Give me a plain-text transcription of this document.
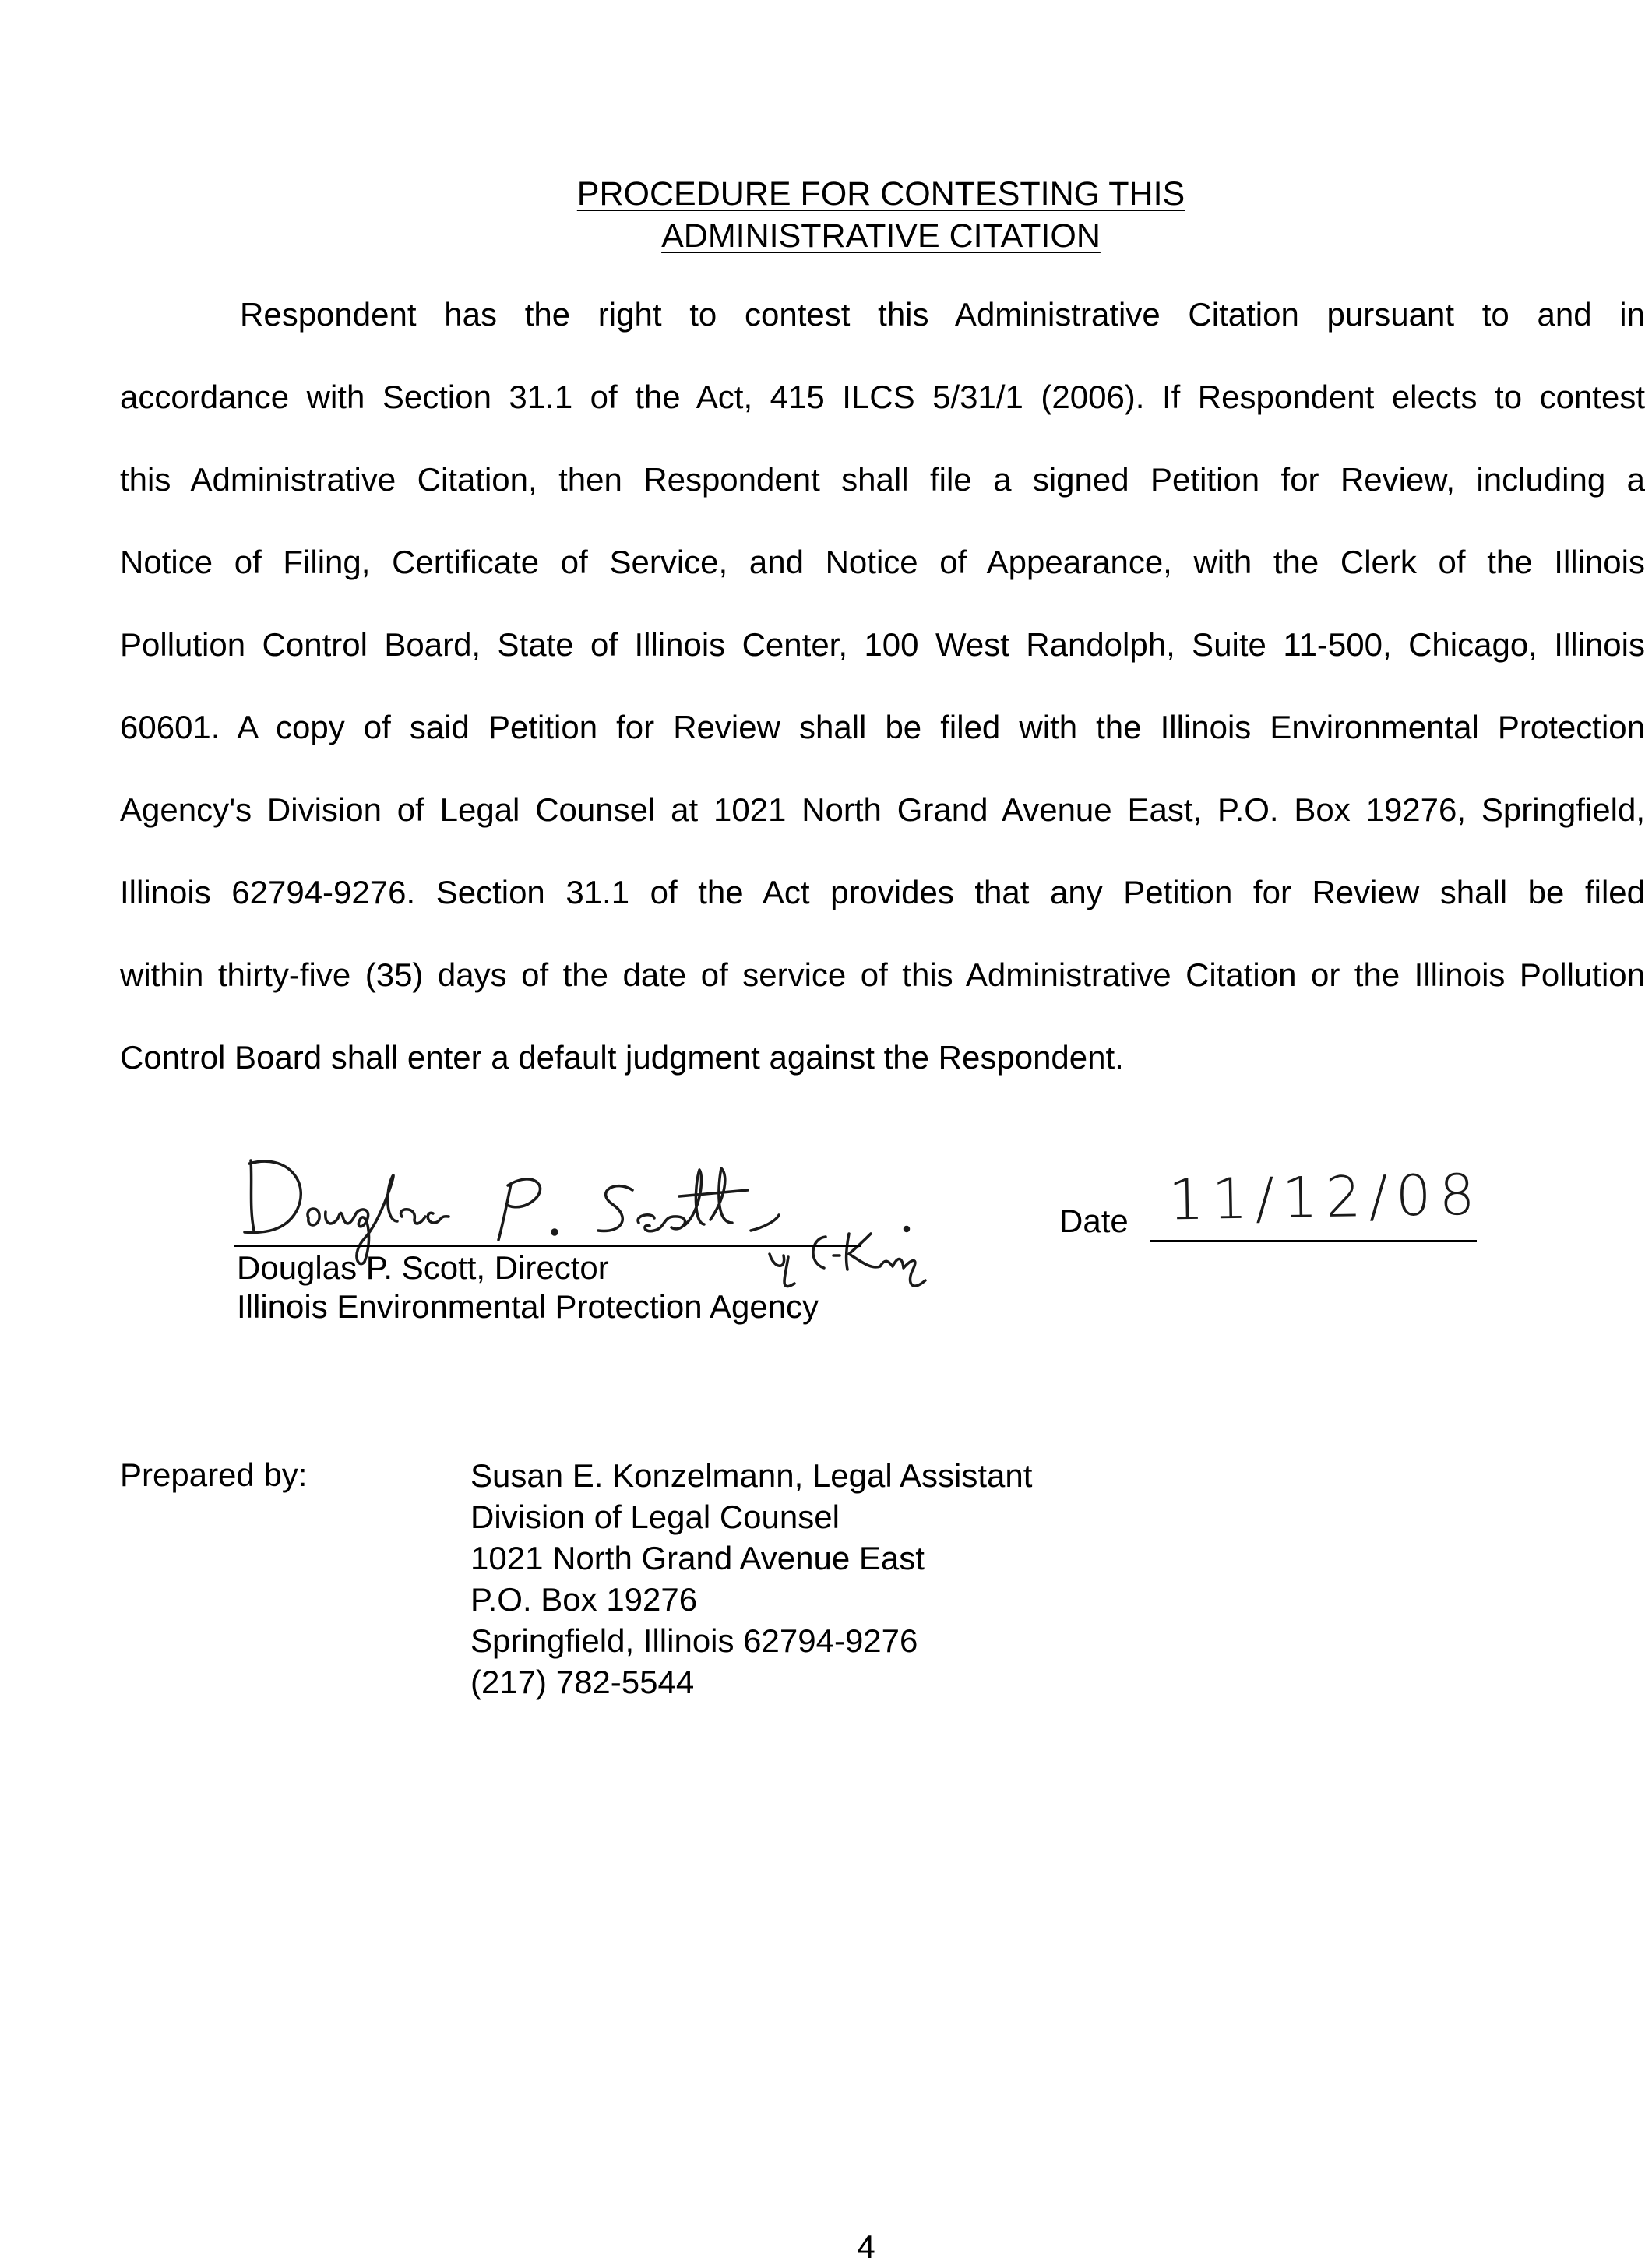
PROCEDURE FOR CONTESTING THIS
ADMINISTRATIVE CITATION
Respondent has the right to contest this Administrative Citation pursuant to and in
accordance with Section 31.1 of the Act, 415 ILCS 5/31/1 (2006). If Respondent elects to contest
this Administrative Citation, then Respondent shall file a signed Petition for Review, including a
Notice of Filing, Certificate of Service, and Notice of Appearance, with the Clerk of the Illinois
Pollution Control Board, State of Illinois Center, 100 West Randolph, Suite 11-500, Chicago, Illinois
60601. A copy of said Petition for Review shall be filed with the Illinois Environmental Protection
Agency's Division of Legal Counsel at 1021 North Grand Avenue East, P.O. Box 19276, Springfield,
Illinois 62794-9276. Section 31.1 of the Act provides that any Petition for Review shall be filed
within thirty-five (35) days of the date of service of this Administrative Citation or the Illinois Pollution
Control Board shall enter a default judgment against the Respondent.
Douglas P. Scott, Director
Illinois Environmental Protection Agency
Date 11/12/08
Prepared by:	Susan E. Konzelmann, Legal Assistant
Division of Legal Counsel
1021 North Grand Avenue East
P.O. Box 19276
Springfield, Illinois 62794-9276
(217) 782-5544
4
